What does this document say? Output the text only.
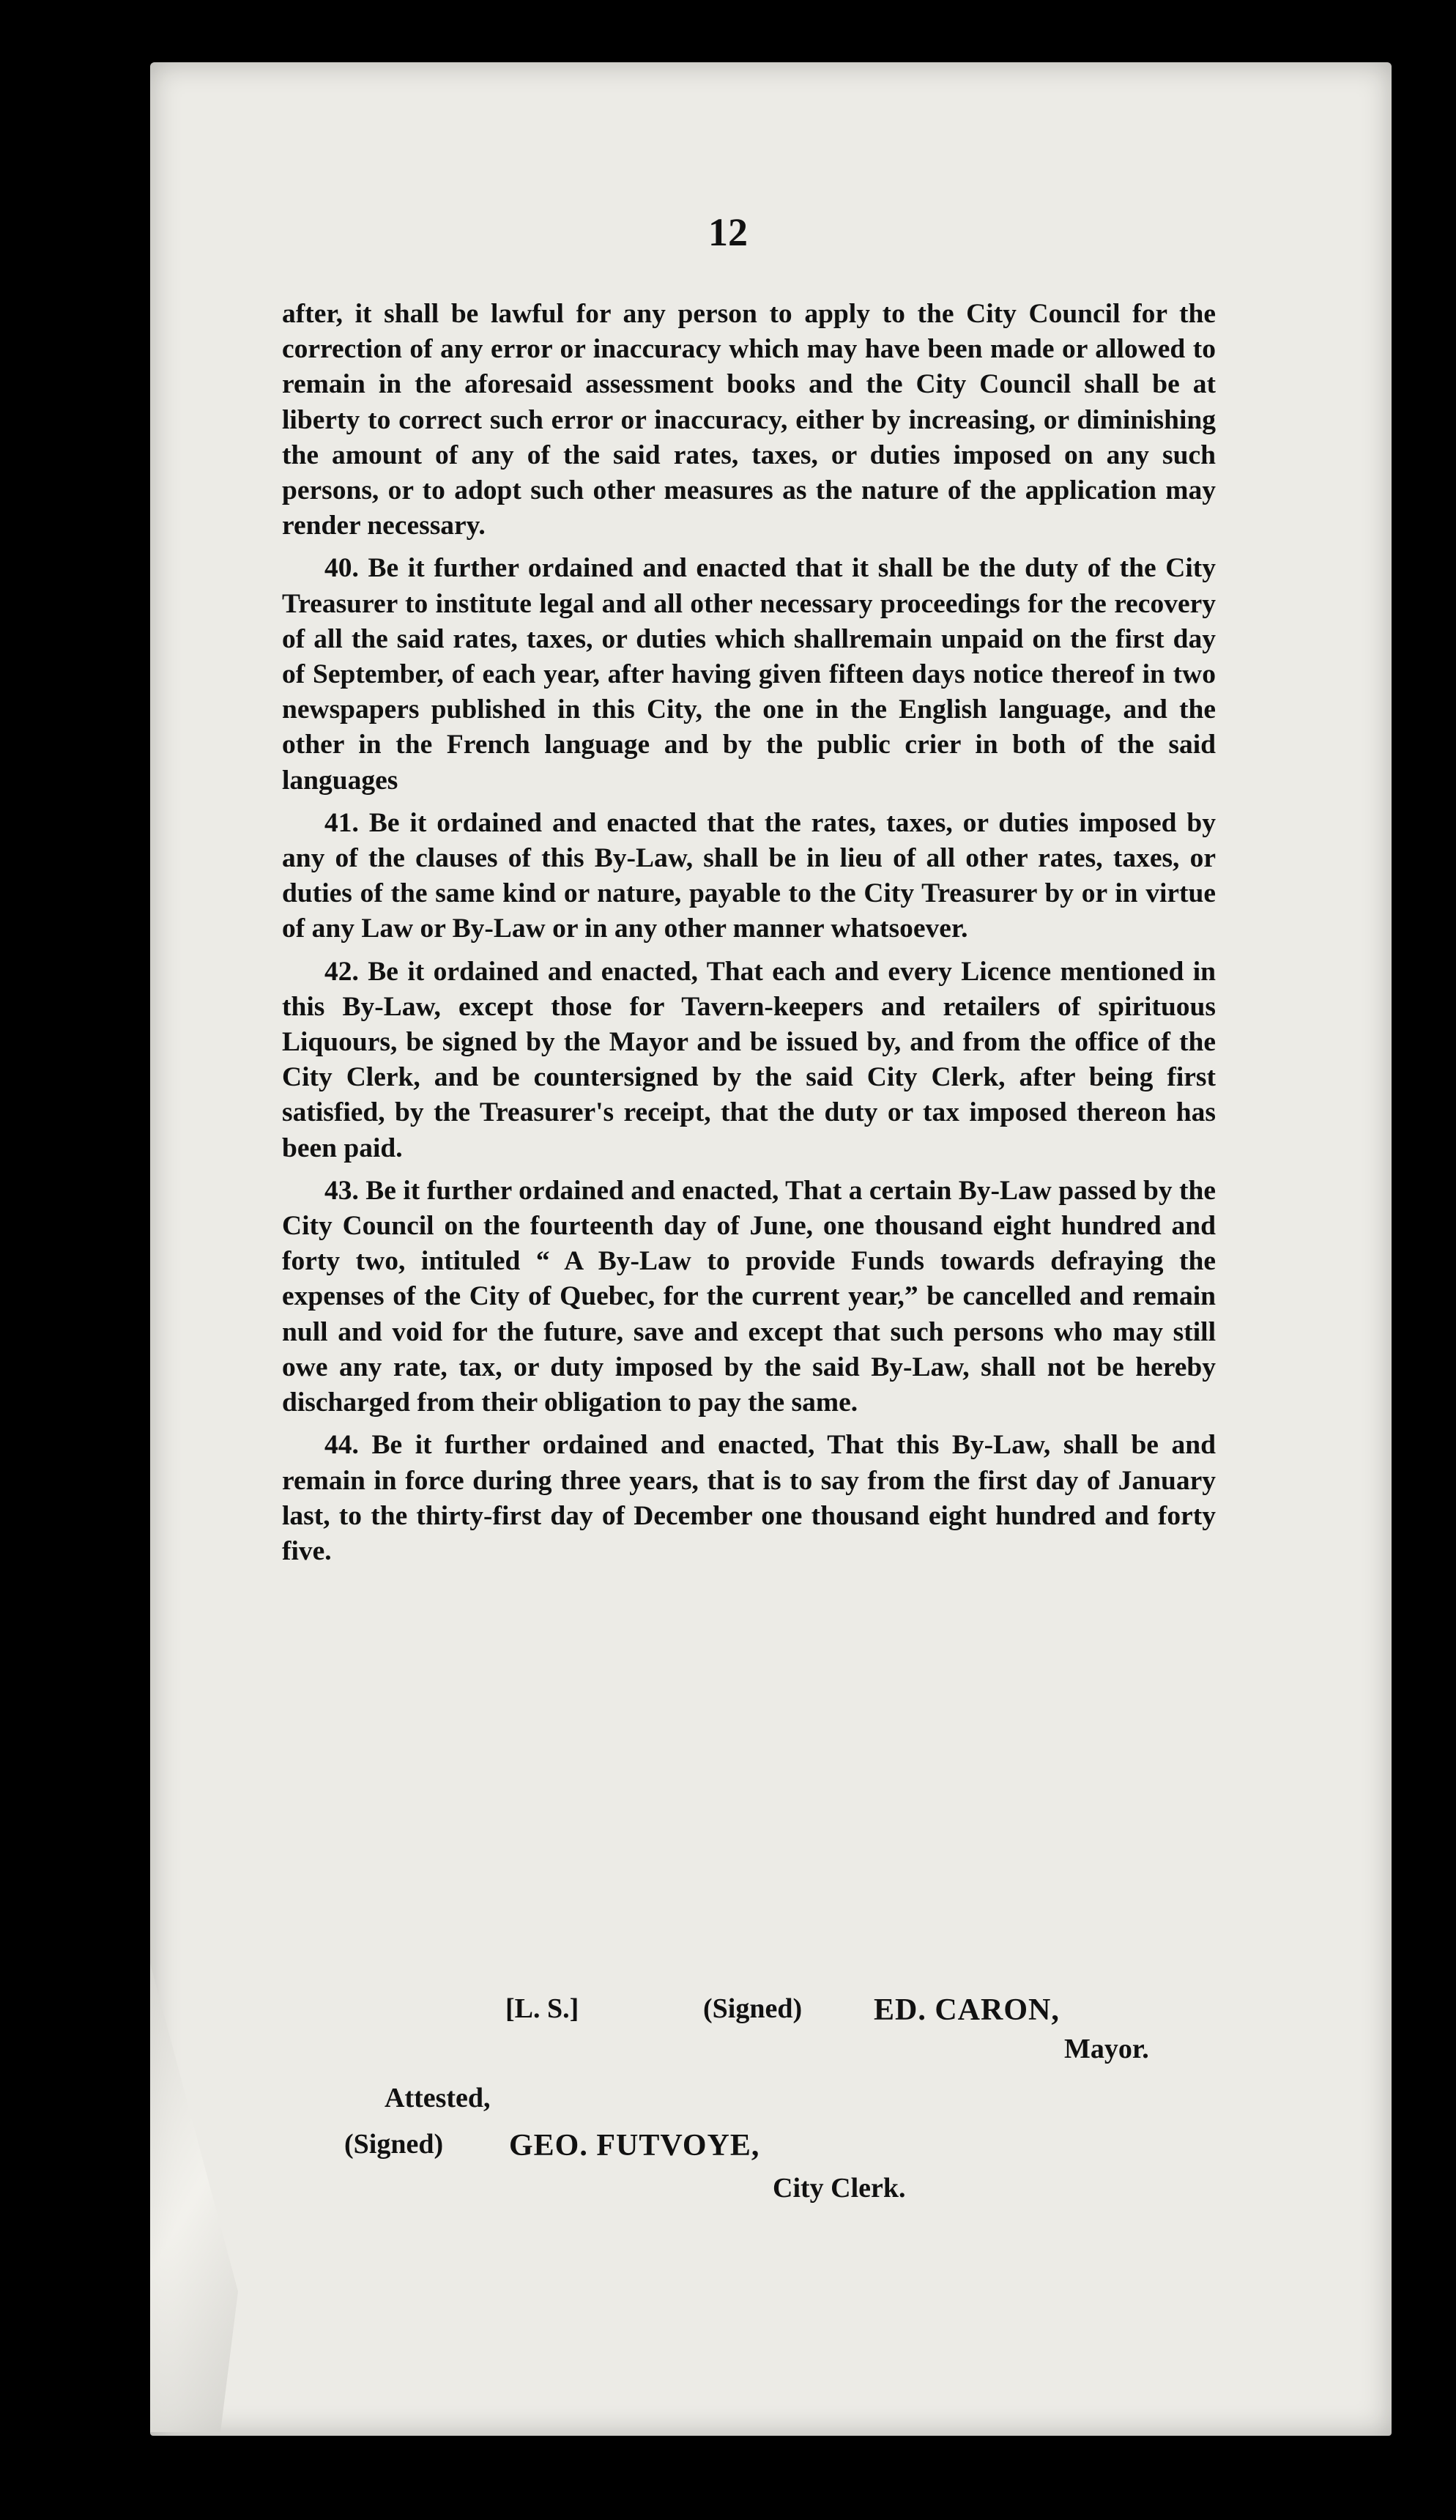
12

after, it shall be lawful for any person to apply to the City Council for the correction of any error or inaccuracy which may have been made or allowed to remain in the aforesaid assessment books and the City Council shall be at liberty to correct such error or inaccuracy, either by increasing, or diminishing the amount of any of the said rates, taxes, or duties imposed on any such persons, or to adopt such other measures as the nature of the application may render necessary.

40. Be it further ordained and enacted that it shall be the duty of the City Treasurer to institute legal and all other necessary proceedings for the recovery of all the said rates, taxes, or duties which shallremain unpaid on the first day of September, of each year, after having given fifteen days notice thereof in two newspapers published in this City, the one in the English language, and the other in the French language and by the public crier in both of the said languages

41. Be it ordained and enacted that the rates, taxes, or duties imposed by any of the clauses of this By-Law, shall be in lieu of all other rates, taxes, or duties of the same kind or nature, payable to the City Treasurer by or in virtue of any Law or By-Law or in any other manner whatsoever.

42. Be it ordained and enacted, That each and every Licence mentioned in this By-Law, except those for Tavern-keepers and retailers of spirituous Liquours, be signed by the Mayor and be issued by, and from the office of the City Clerk, and be countersigned by the said City Clerk, after being first satisfied, by the Treasurer's receipt, that the duty or tax imposed thereon has been paid.

43. Be it further ordained and enacted, That a certain By-Law passed by the City Council on the fourteenth day of June, one thousand eight hundred and forty two, intituled “ A By-Law to provide Funds towards defraying the expenses of the City of Quebec, for the current year,” be cancelled and remain null and void for the future, save and except that such persons who may still owe any rate, tax, or duty imposed by the said By-Law, shall not be hereby discharged from their obligation to pay the same.

44. Be it further ordained and enacted, That this By-Law, shall be and remain in force during three years, that is to say from the first day of January last, to the thirty-first day of December one thousand eight hundred and forty five.

[L. S.]	(Signed) ED. CARON,
Mayor.
Attested,
(Signed) GEO. FUTVOYE,
City Clerk.
